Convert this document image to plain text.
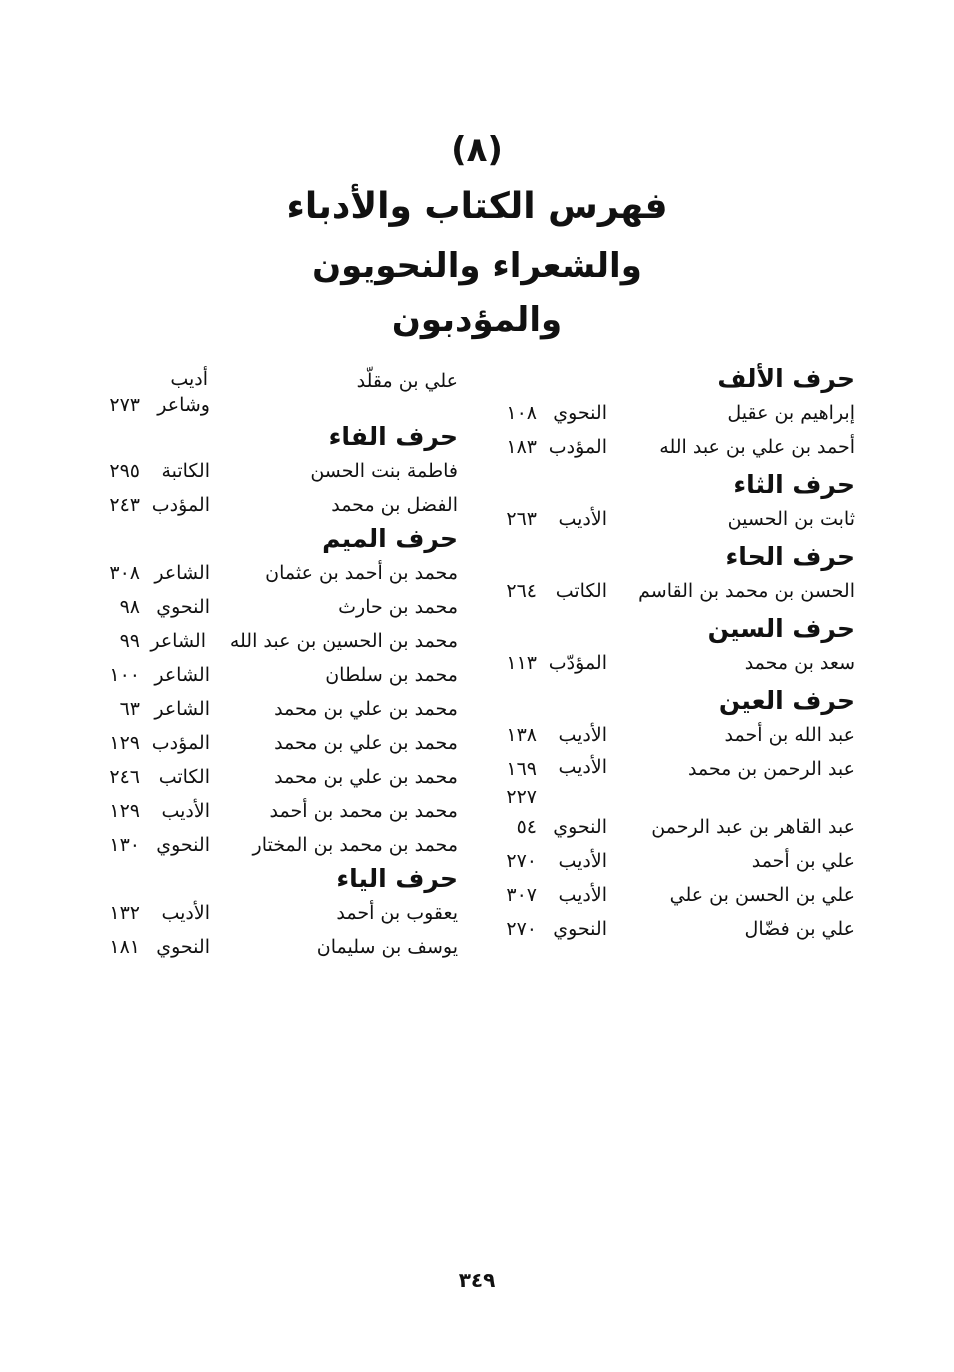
(٨)
فهرس الكتاب والأدباء
والشعراء والنحويون
والمؤدبون
حرف الألف
إبراهيم بن عقيل
النحوي
١٠٨
أحمد بن علي بن عبد الله
المؤدب
١٨٣
حرف الثاء
ثابت بن الحسين
الأديب
٢٦٣
حرف الحاء
الحسن بن محمد بن القاسم
الكاتب
٢٦٤
حرف السين
سعد بن محمد
المؤدّب
١١٣
حرف العين
عبد الله بن أحمد
الأديب
١٣٨
عبد الرحمن بن محمد
الأديب
١٦٩
٢٢٧
عبد القاهر بن عبد الرحمن
النحوي
٥٤
علي بن أحمد
الأديب
٢٧٠
علي بن الحسن بن علي
الأديب
٣٠٧
علي بن فضّال
النحوي
٢٧٠
علي بن مقلّد
أديب
وشاعر
٢٧٣
حرف الفاء
فاطمة بنت الحسن
الكاتبة
٢٩٥
الفضل بن محمد
المؤدب
٢٤٣
حرف الميم
محمد بن أحمد بن عثمان
الشاعر
٣٠٨
محمد بن حارث
النحوي
٩٨
محمد بن الحسين بن عبد الله
الشاعر
٩٩
محمد بن سلطان
الشاعر
١٠٠
محمد بن علي بن محمد
الشاعر
٦٣
محمد بن علي بن محمد
المؤدب
١٢٩
محمد بن علي بن محمد
الكاتب
٢٤٦
محمد بن محمد بن أحمد
الأديب
١٢٩
محمد بن محمد بن المختار
النحوي
١٣٠
حرف الياء
يعقوب بن أحمد
الأديب
١٣٢
يوسف بن سليمان
النحوي
١٨١
٣٤٩
